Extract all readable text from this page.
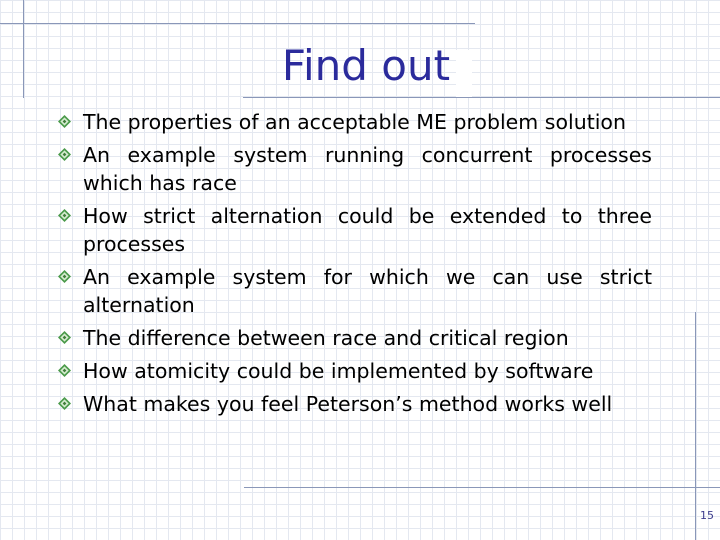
Find out
The properties of an acceptable ME problem solution
An example system running concurrent processes which has race
How strict alternation could be extended to three processes
An example system for which we can use strict alternation
The difference between race and critical region
How atomicity could be implemented by software
What makes you feel Peterson’s method works well
15
